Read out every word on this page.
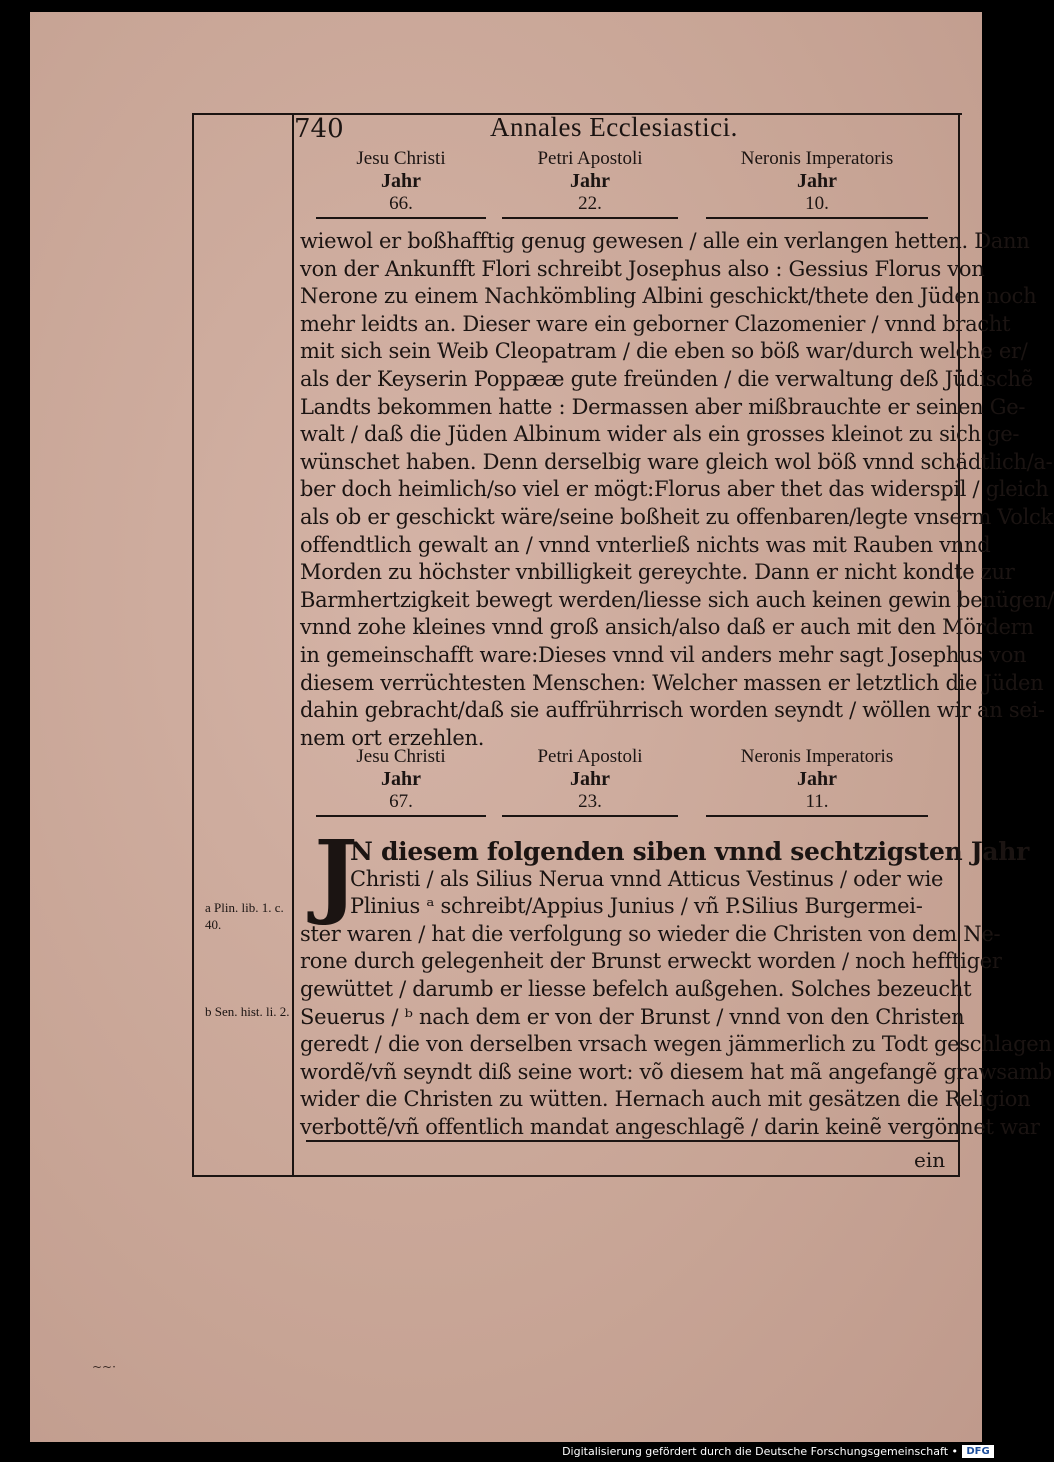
740	Annales Ecclesiastici.
Jesu Christi
Jahr
66.
Petri Apostoli
Jahr
22.
Neronis Imperatoris
Jahr
10.
wiewol er boßhafftig genug gewesen / alle ein verlangen hetten. Dann
von der Ankunfft Flori schreibt Josephus also : Gessius Florus von
Nerone zu einem Nachkömbling Albini geschickt/thete den Jüden noch
mehr leidts an. Dieser ware ein geborner Clazomenier / vnnd bracht
mit sich sein Weib Cleopatram / die eben so böß war/durch welche er/
als der Keyserin Poppææ gute freünden / die verwaltung deß Jüdischẽ
Landts bekommen hatte : Dermassen aber mißbrauchte er seinen Ge-
walt / daß die Jüden Albinum wider als ein grosses kleinot zu sich ge-
wünschet haben. Denn derselbig ware gleich wol böß vnnd schädtlich/a-
ber doch heimlich/so viel er mögt:Florus aber thet das widerspil / gleich
als ob er geschickt wäre/seine boßheit zu offenbaren/legte vnserm Volck
offendtlich gewalt an / vnnd vnterließ nichts was mit Rauben vnnd
Morden zu höchster vnbilligkeit gereychte. Dann er nicht kondte zur
Barmhertzigkeit bewegt werden/liesse sich auch keinen gewin benügen/
vnnd zohe kleines vnnd groß ansich/also daß er auch mit den Mördern
in gemeinschafft ware:Dieses vnnd vil anders mehr sagt Josephus von
diesem verrüchtesten Menschen: Welcher massen er letztlich die Jüden
dahin gebracht/daß sie auffrührrisch worden seyndt / wöllen wir an sei-
nem ort erzehlen.
Jesu Christi
Jahr
67.
Petri Apostoli
Jahr
23.
Neronis Imperatoris
Jahr
11.
J
N diesem folgenden siben vnnd sechtzigsten Jahr
Christi / als Silius Nerua vnnd Atticus Vestinus / oder wie
Plinius ᵃ schreibt/Appius Junius / vñ P.Silius Burgermei-
ster waren / hat die verfolgung so wieder die Christen von dem Ne-
rone durch gelegenheit der Brunst erweckt worden / noch hefftiger
gewüttet / darumb er liesse befelch außgehen. Solches bezeucht
Seuerus / ᵇ nach dem er von der Brunst / vnnd von den Christen
geredt / die von derselben vrsach wegen jämmerlich zu Todt geschlagen
wordẽ/vñ seyndt diß seine wort: võ diesem hat mã angefangẽ grawsamb
wider die Christen zu wütten. Hernach auch mit gesätzen die Religion
verbottẽ/vñ offentlich mandat angeschlagẽ / darin keinẽ vergönnet war
a Plin. lib. 1. c. 40.
b Sen. hist. li. 2.
ein
~~·
Digitalisierung gefördert durch die Deutsche Forschungsgemeinschaft • DFG
